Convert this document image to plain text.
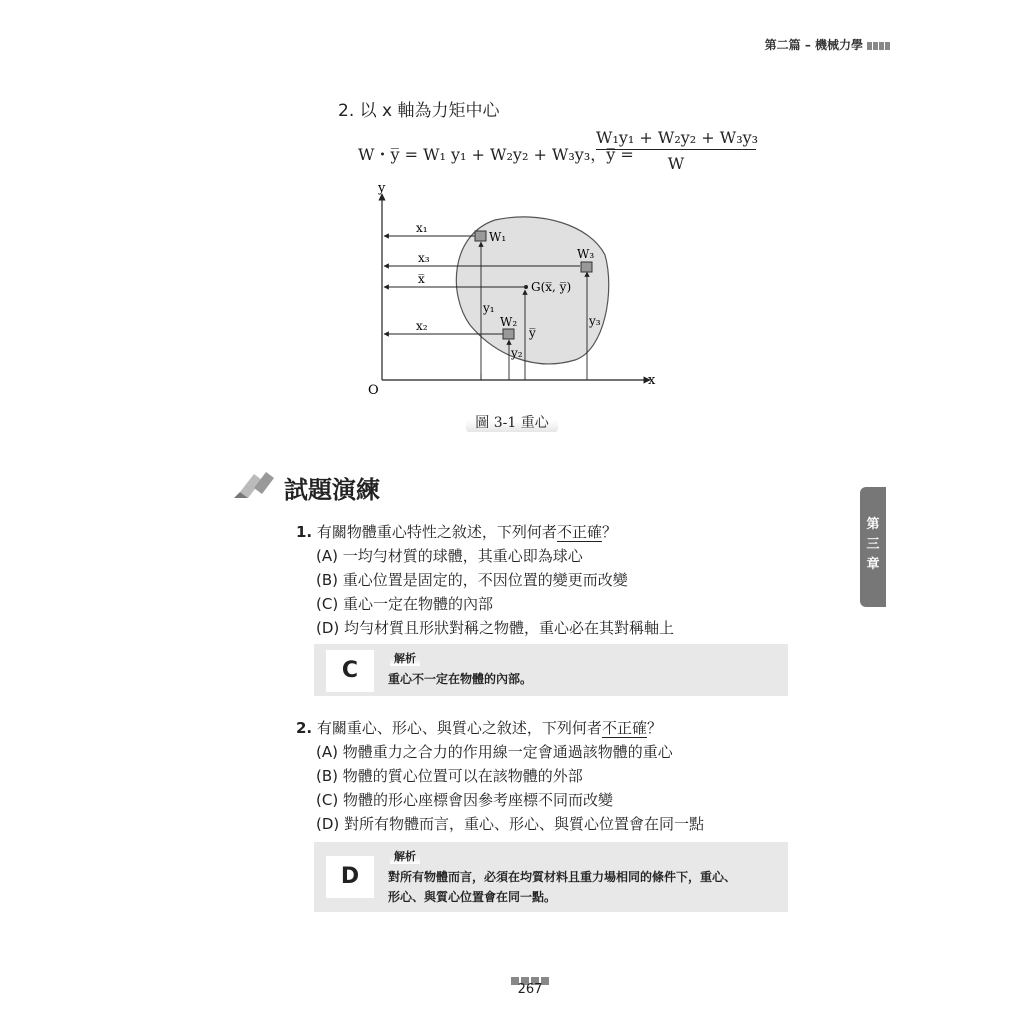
第二篇 – 機械力學
2. 以 x 軸為力矩中心
W・y̅ = W₁ y₁ + W₂y₂ + W₃y₃，y̅ =
$\frac{\text{W₁y₁ + W₂y₂ + W₃y₃}}{W}$
y
x
O
x₁
x₃
x̅
x₂
W₁
W₂
W₃
G(x̅, y̅)
y₁
y₂
y₃
y̅
圖 3-1 重心
試題演練
1. 有關物體重心特性之敘述，下列何者不正確？
(A) 一均勻材質的球體，其重心即為球心
(B) 重心位置是固定的，不因位置的變更而改變
(C) 重心一定在物體的內部
(D) 均勻材質且形狀對稱之物體，重心必在其對稱軸上
C	解析
重心不一定在物體的內部。
2. 有關重心、形心、與質心之敘述，下列何者不正確？
(A) 物體重力之合力的作用線一定會通過該物體的重心
(B) 物體的質心位置可以在該物體的外部
(C) 物體的形心座標會因參考座標不同而改變
(D) 對所有物體而言，重心、形心、與質心位置會在同一點
D
解析
對所有物體而言，必須在均質材料且重力場相同的條件下，重心、
形心、與質心位置會在同一點。
第
三
章
267
